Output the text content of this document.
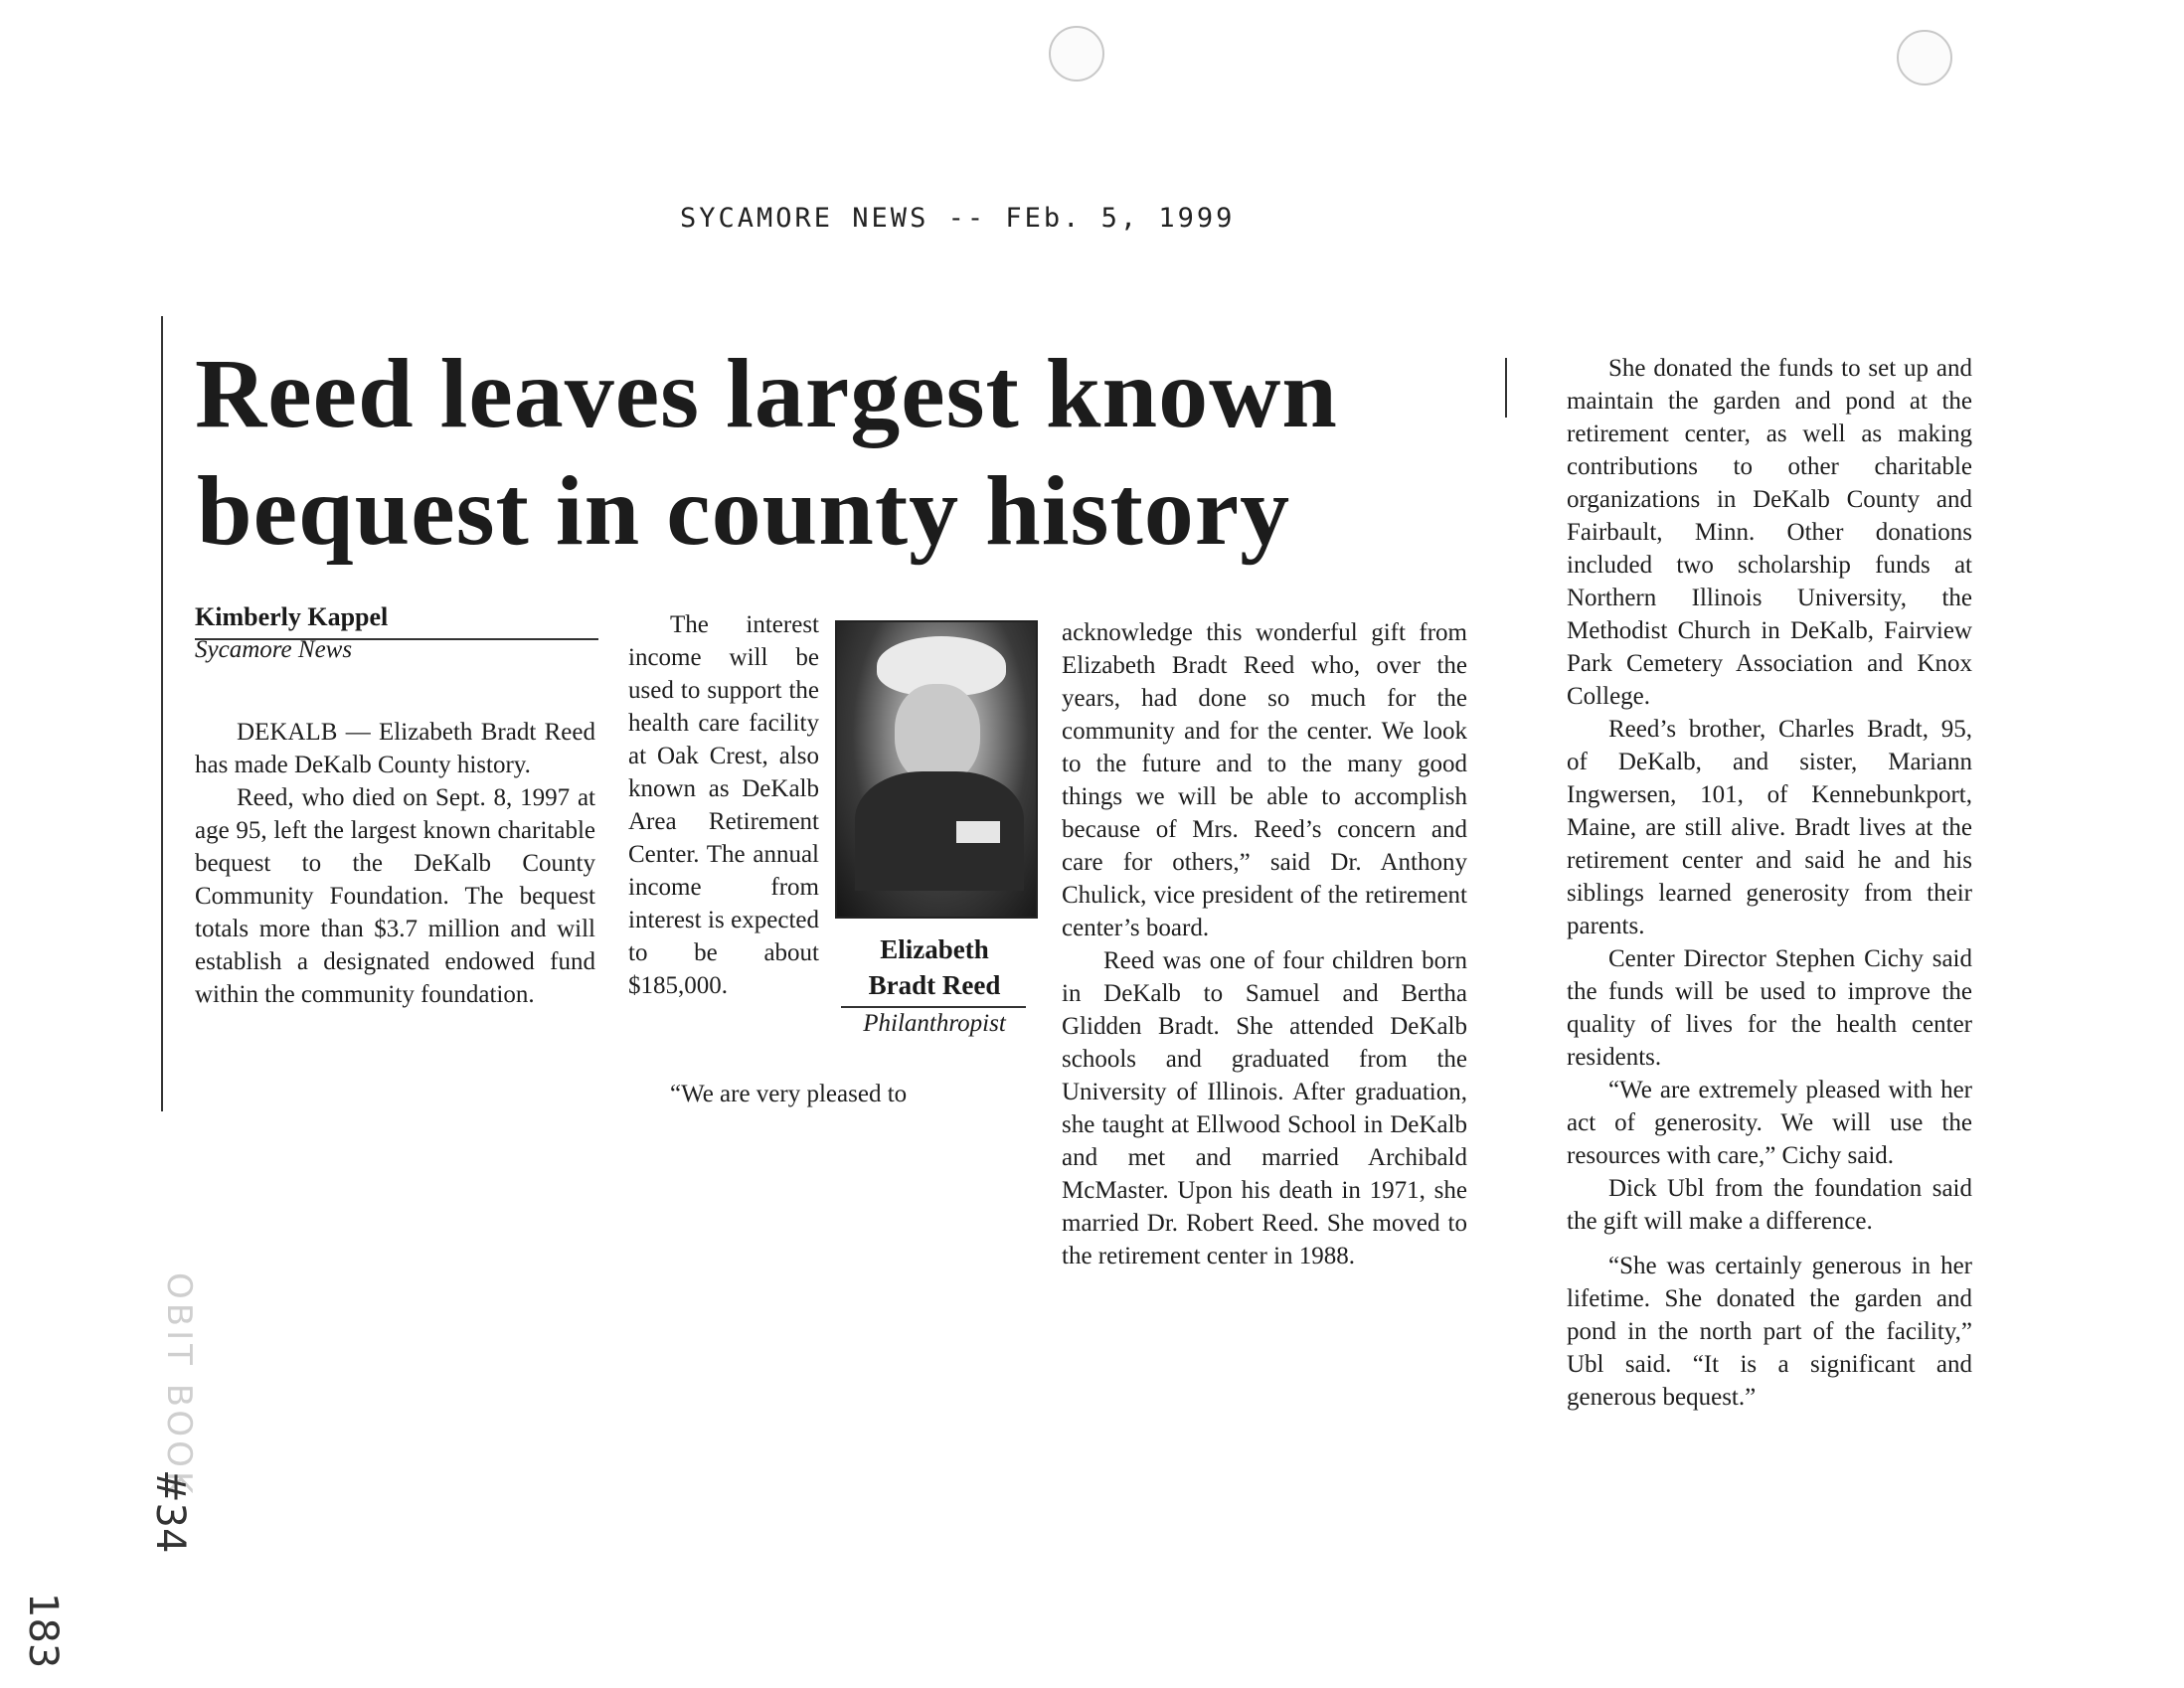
SYCAMORE NEWS -- FEb. 5, 1999
Reed leaves largest known
bequest in county history
Kimberly Kappel
Sycamore News

DEKALB — Elizabeth Bradt Reed has made DeKalb County history.

Reed, who died on Sept. 8, 1997 at age 95, left the largest known charitable bequest to the DeKalb County Community Foundation. The bequest totals more than $3.7 million and will establish a designated endowed fund within the community foundation.

The interest income will be used to support the health care facility at Oak Crest, also known as DeKalb Area Retirement Center. The annual income from interest is expected to be about $185,000.

“We are very pleased to

Elizabeth
Bradt Reed
Philanthropist

acknowledge this wonderful gift from Elizabeth Bradt Reed who, over the years, had done so much for the community and for the center. We look to the future and to the many good things we will be able to accomplish because of Mrs. Reed’s concern and care for others,” said Dr. Anthony Chulick, vice president of the retirement center’s board.

Reed was one of four children born in DeKalb to Samuel and Bertha Glidden Bradt. She attended DeKalb schools and graduated from the University of Illinois. After graduation, she taught at Ellwood School in DeKalb and met and married Archibald McMaster. Upon his death in 1971, she married Dr. Robert Reed. She moved to the retirement center in 1988.

She donated the funds to set up and maintain the garden and pond at the retirement center, as well as making contributions to other charitable organizations in DeKalb County and Fairbault, Minn. Other donations included two scholarship funds at Northern Illinois University, the Methodist Church in DeKalb, Fairview Park Cemetery Association and Knox College.

Reed’s brother, Charles Bradt, 95, of DeKalb, and sister, Mariann Ingwersen, 101, of Kennebunkport, Maine, are still alive. Bradt lives at the retirement center and said he and his siblings learned generosity from their parents.

Center Director Stephen Cichy said the funds will be used to improve the quality of lives for the health center residents.

“We are extremely pleased with her act of generosity. We will use the resources with care,” Cichy said.

Dick Ubl from the foundation said the gift will make a difference.

“She was certainly generous in her lifetime. She donated the garden and pond in the north part of the facility,” Ubl said. “It is a significant and generous bequest.”

OBIT BOOK
#34
183
